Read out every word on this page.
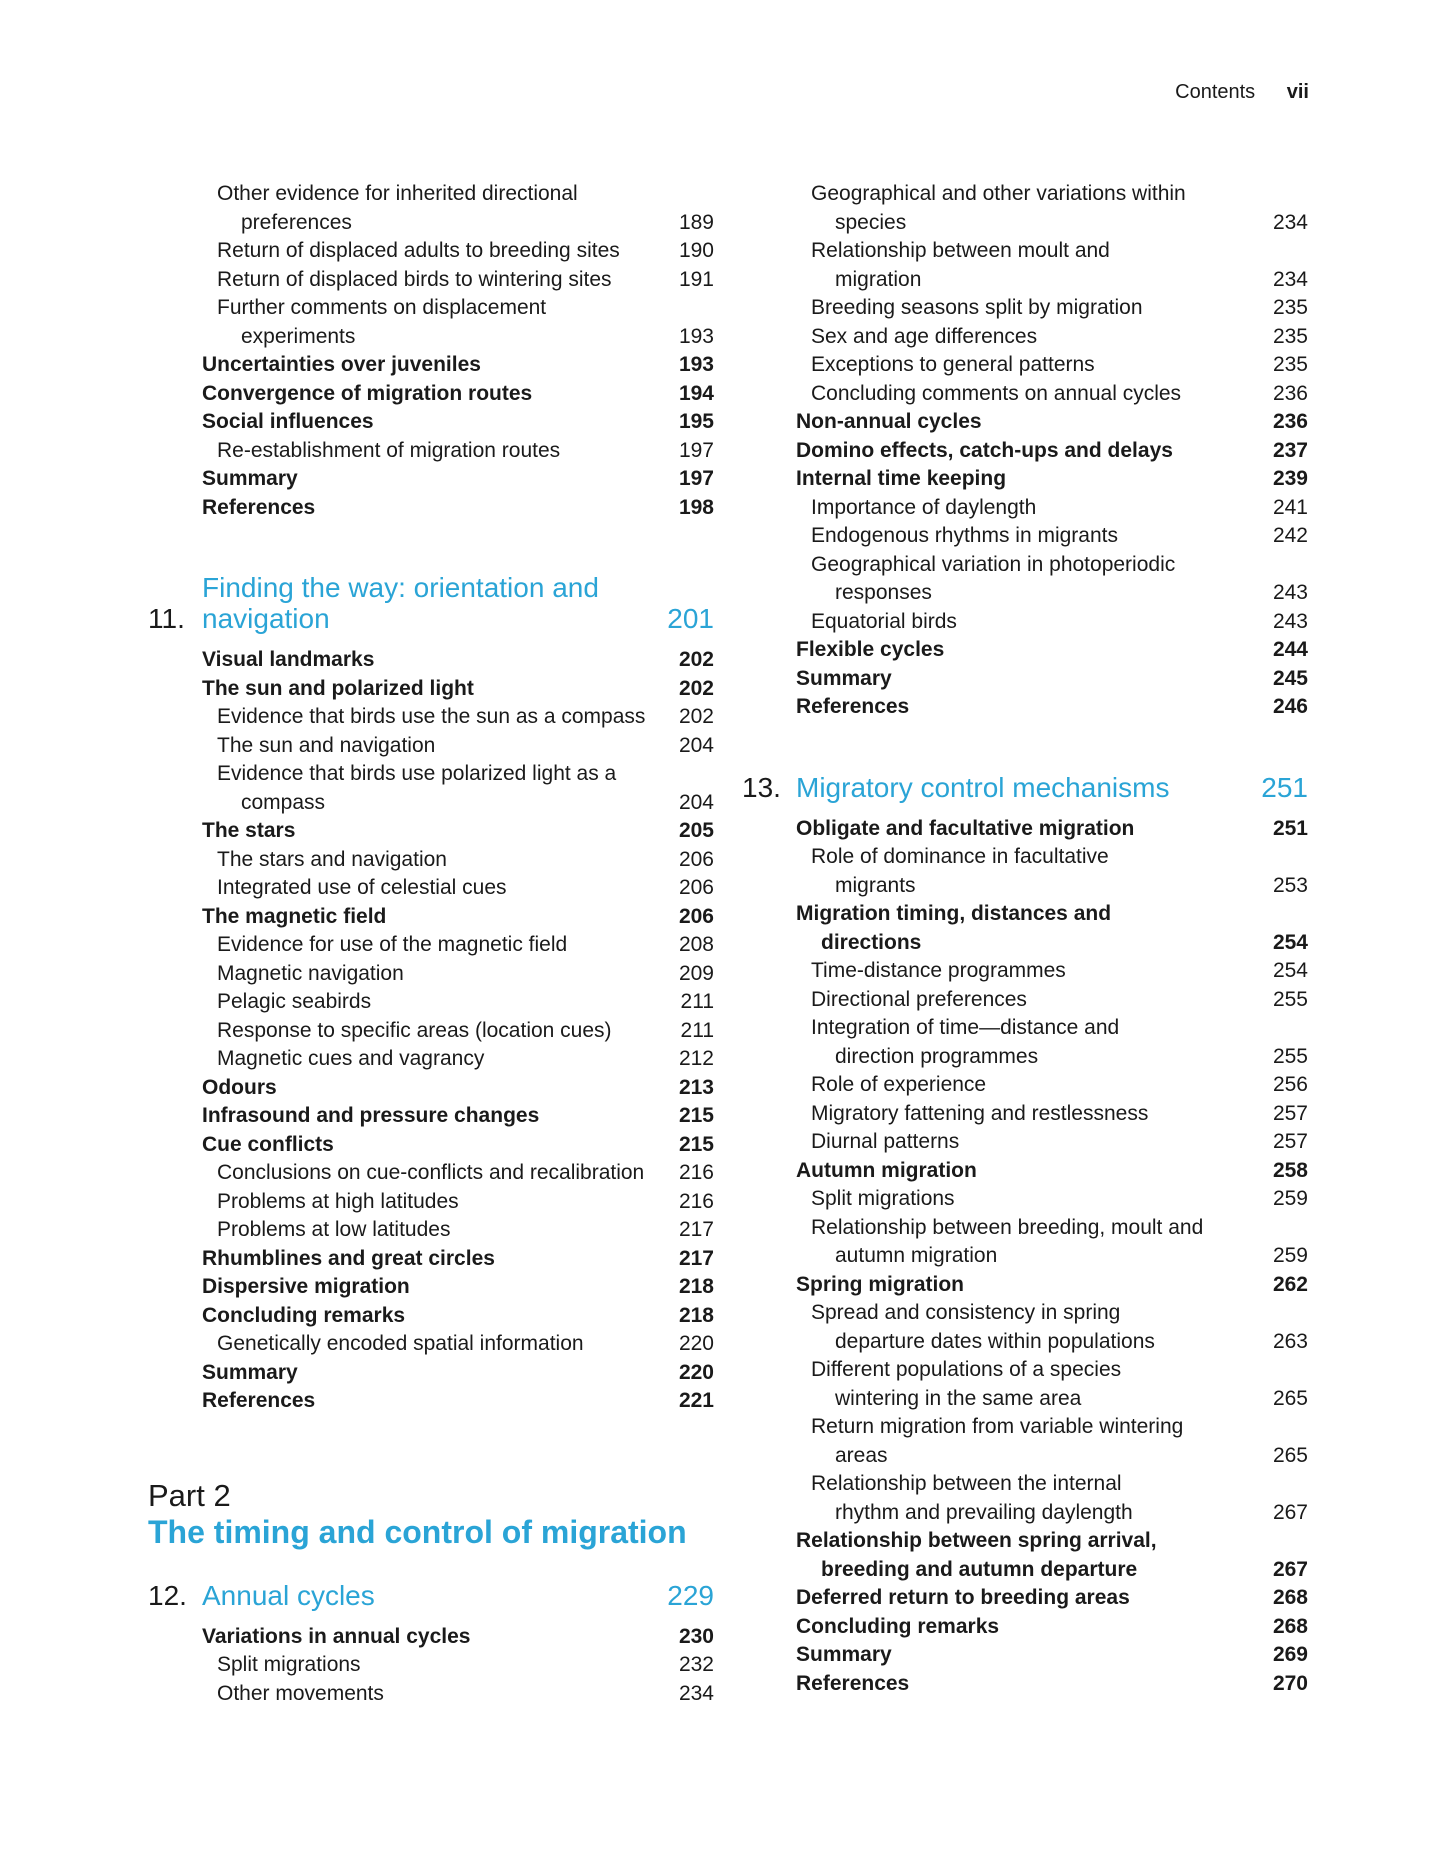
Contents vii
Other evidence for inherited directional
preferences	189
Return of displaced adults to breeding sites	190
Return of displaced birds to wintering sites	191
Further comments on displacement
experiments	193
Uncertainties over juveniles	193
Convergence of migration routes	194
Social influences	195
Re-establishment of migration routes	197
Summary	197
References	198
11.
Finding the way: orientation and
navigation	201
Visual landmarks	202
The sun and polarized light	202
Evidence that birds use the sun as a compass	202
The sun and navigation	204
Evidence that birds use polarized light as a
compass	204
The stars	205
The stars and navigation	206
Integrated use of celestial cues	206
The magnetic field	206
Evidence for use of the magnetic field	208
Magnetic navigation	209
Pelagic seabirds	211
Response to specific areas (location cues)	211
Magnetic cues and vagrancy	212
Odours	213
Infrasound and pressure changes	215
Cue conflicts	215
Conclusions on cue-conflicts and recalibration	216
Problems at high latitudes	216
Problems at low latitudes	217
Rhumblines and great circles	217
Dispersive migration	218
Concluding remarks	218
Genetically encoded spatial information	220
Summary	220
References	221
Part 2
The timing and control of migration
12. Annual cycles	229
Variations in annual cycles	230
Split migrations	232
Other movements	234
Geographical and other variations within
species	234
Relationship between moult and
migration	234
Breeding seasons split by migration	235
Sex and age differences	235
Exceptions to general patterns	235
Concluding comments on annual cycles	236
Non-annual cycles	236
Domino effects, catch-ups and delays	237
Internal time keeping	239
Importance of daylength	241
Endogenous rhythms in migrants	242
Geographical variation in photoperiodic
responses	243
Equatorial birds	243
Flexible cycles	244
Summary	245
References	246
13. Migratory control mechanisms	251
Obligate and facultative migration	251
Role of dominance in facultative
migrants	253
Migration timing, distances and
directions	254
Time-distance programmes	254
Directional preferences	255
Integration of time—distance and
direction programmes	255
Role of experience	256
Migratory fattening and restlessness	257
Diurnal patterns	257
Autumn migration	258
Split migrations	259
Relationship between breeding, moult and
autumn migration	259
Spring migration	262
Spread and consistency in spring
departure dates within populations	263
Different populations of a species
wintering in the same area	265
Return migration from variable wintering
areas	265
Relationship between the internal
rhythm and prevailing daylength	267
Relationship between spring arrival,
breeding and autumn departure	267
Deferred return to breeding areas	268
Concluding remarks	268
Summary	269
References	270
